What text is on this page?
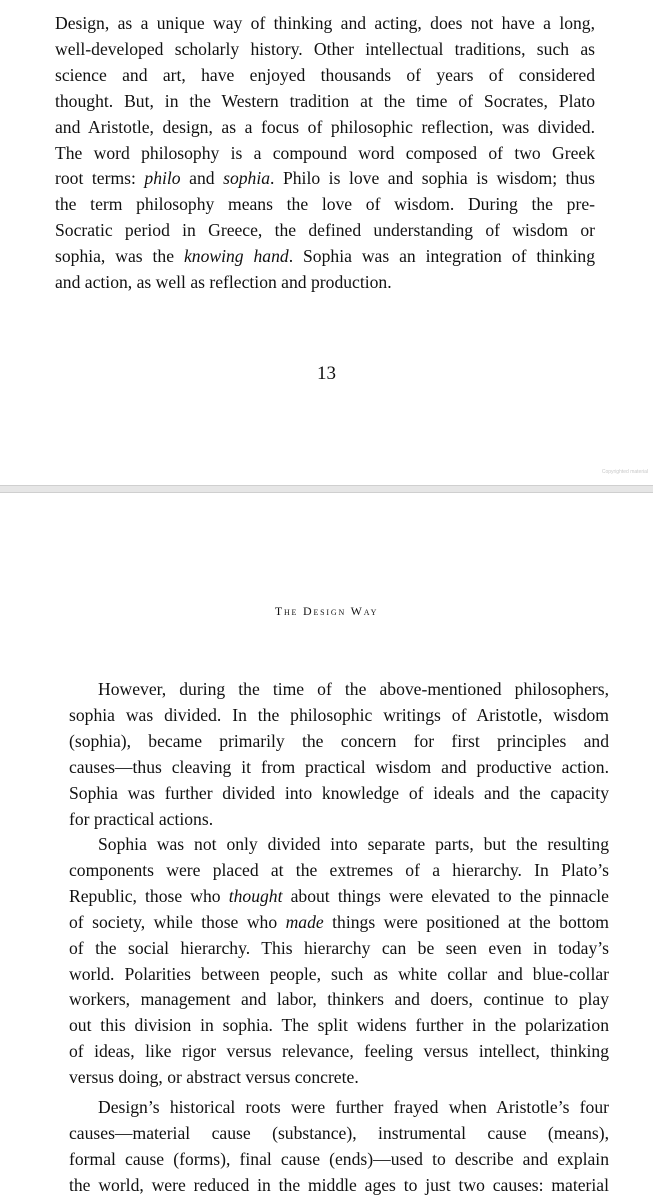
Design, as a unique way of thinking and acting, does not have a long,
well-developed scholarly history. Other intellectual traditions, such as
science and art, have enjoyed thousands of years of considered
thought. But, in the Western tradition at the time of Socrates, Plato
and Aristotle, design, as a focus of philosophic reflection, was divided.
The word philosophy is a compound word composed of two Greek
root terms: philo and sophia. Philo is love and sophia is wisdom; thus
the term philosophy means the love of wisdom. During the pre-
Socratic period in Greece, the defined understanding of wisdom or
sophia, was the knowing hand. Sophia was an integration of thinking
and action, as well as reflection and production.

13
Copyrighted material
The Design Way

However, during the time of the above-mentioned philosophers,
sophia was divided. In the philosophic writings of Aristotle, wisdom
(sophia), became primarily the concern for first principles and
causes—thus cleaving it from practical wisdom and productive action.
Sophia was further divided into knowledge of ideals and the capacity
for practical actions.

Sophia was not only divided into separate parts, but the resulting
components were placed at the extremes of a hierarchy. In Plato’s
Republic, those who thought about things were elevated to the pinnacle
of society, while those who made things were positioned at the bottom
of the social hierarchy. This hierarchy can be seen even in today’s
world. Polarities between people, such as white collar and blue-collar
workers, management and labor, thinkers and doers, continue to play
out this division in sophia. The split widens further in the polarization
of ideas, like rigor versus relevance, feeling versus intellect, thinking
versus doing, or abstract versus concrete.

Design’s historical roots were further frayed when Aristotle’s four
causes—material cause (substance), instrumental cause (means),
formal cause (forms), final cause (ends)—used to describe and explain
the world, were reduced in the middle ages to just two causes: material
